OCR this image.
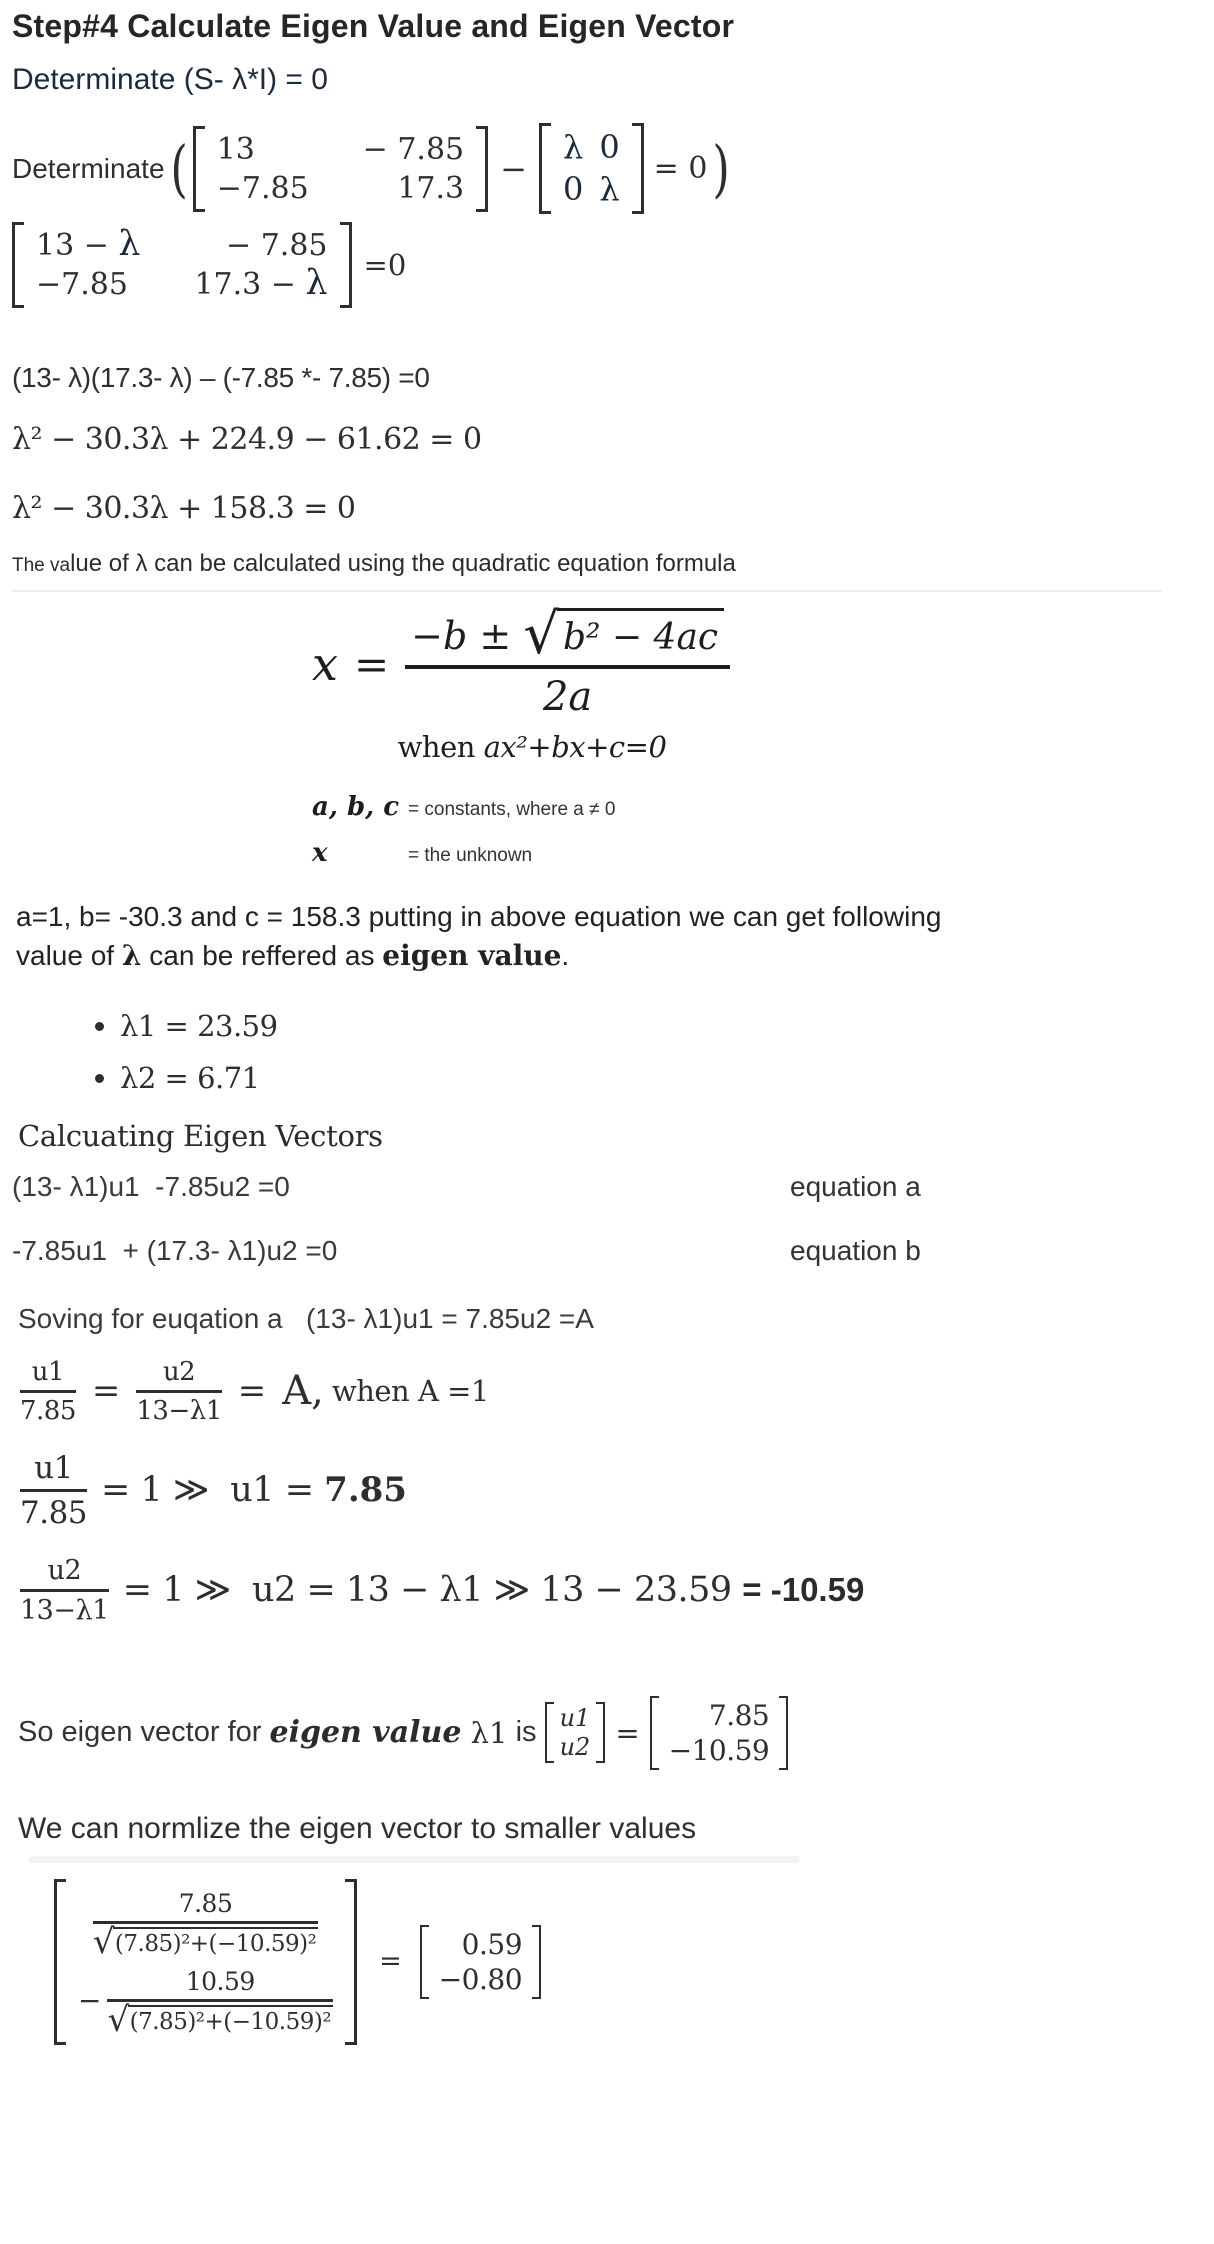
Step#4 Calculate Eigen Value and Eigen Vector

Determinate (S- λ*I) = 0

Determinate ( 13	− 7.85
−7.85	17.3
−
λ 0
0 λ
= 0 )
13 − λ	− 7.85
−7.85	17.3 − λ =0

(13- λ)(17.3- λ) – (-7.85 *- 7.85) =0

λ² − 30.3λ + 224.9 − 61.62 = 0

λ² − 30.3λ + 158.3 = 0

The value of λ can be calculated using the quadratic equation formula

$x = \frac{\text{−b ± √ b² − 4ac}}{2a}$
when ax²+bx+c=0
a, b, c = constants, where a ≠ 0
x	= the unknown

a=1, b= -30.3 and c = 158.3 putting in above equation we can get following
value of λ can be reffered as eigen value.

• λ1 = 23.59
• λ2 = 6.71
Calcuating Eigen Vectors
(13- λ1)u1  -7.85u2 =0	equation a
-7.85u1  + (17.3- λ1)u2 =0	equation b

Soving for euqation a   (13- λ1)u1 = 7.85u2 =A

$\frac{u1}{7.85} = \frac{u2}{13-\lambda 1} = A$, when A =1
$\frac{u1}{7.85} = 1$ ≫  u1 = 7.85
$\frac{u2}{13-\lambda 1} = 1$ ≫  u2 = 13 − λ1 ≫ 13 − 23.59 = -10.59
So eigen vector for eigen value λ1 is u1
u2 =
7.85
−10.59

We can normlize the eigen vector to smaller values

$\frac{7.85}{\text{√ (7.85)²+(−10.59)²}}$
− $\frac{10.59}{\text{√ (7.85)²+(−10.59)²}}$
=
0.59
−0.80
